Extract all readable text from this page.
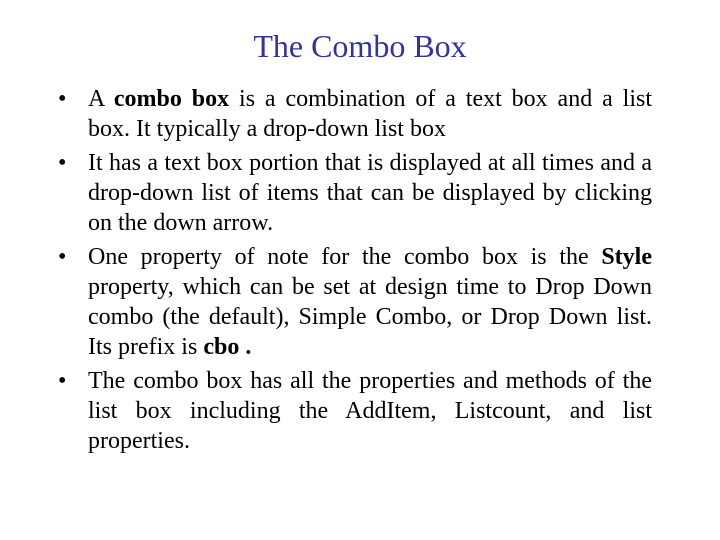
The Combo Box
• A combo box is a combination of a text box and a list box. It typically a drop-down list box
• It has a text box portion that is displayed at all times and a drop-down list of items that can be displayed by clicking on the down arrow.
• One property of note for the combo box is the Style property, which can be set at design time to Drop Down combo (the default), Simple Combo, or Drop Down list. Its prefix is cbo .
• The combo box has all the properties and methods of the list box including the AddItem, Listcount, and list properties.
